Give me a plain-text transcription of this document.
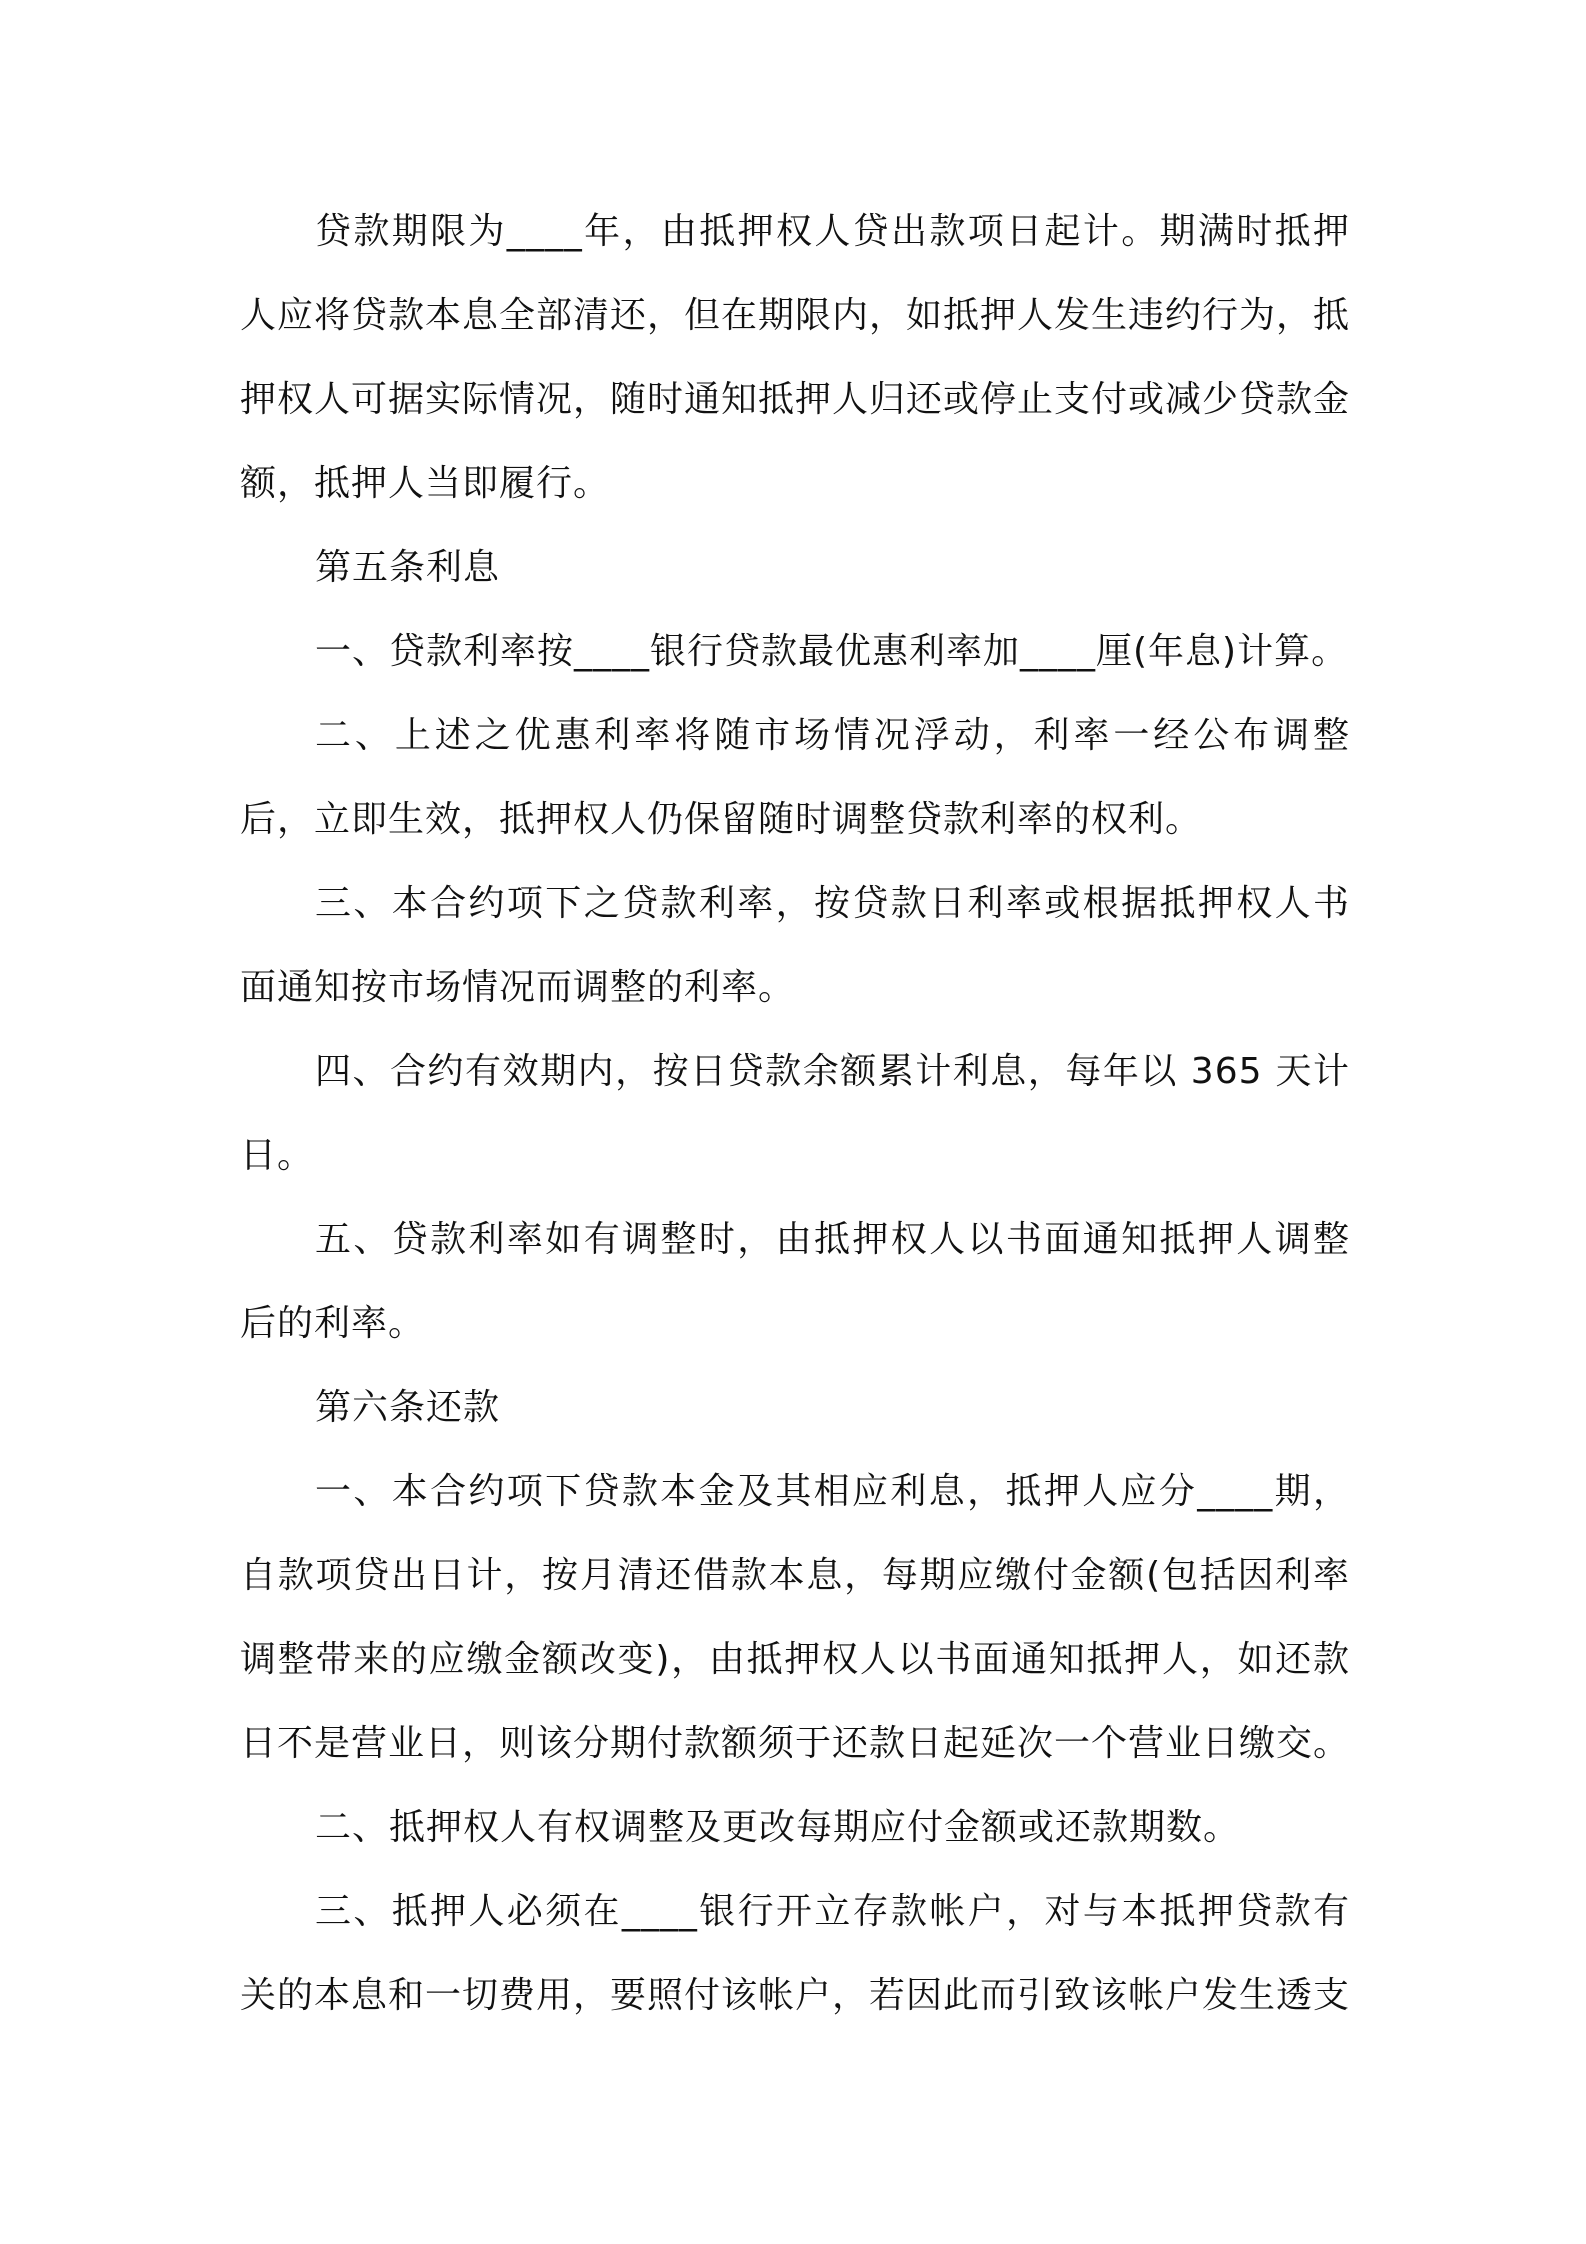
贷款期限为____年，由抵押权人贷出款项日起计。期满时抵押人应将贷款本息全部清还，但在期限内，如抵押人发生违约行为，抵押权人可据实际情况，随时通知抵押人归还或停止支付或减少贷款金额，抵押人当即履行。

第五条利息

一、贷款利率按____银行贷款最优惠利率加____厘(年息)计算。

二、上述之优惠利率将随市场情况浮动，利率一经公布调整后，立即生效，抵押权人仍保留随时调整贷款利率的权利。

三、本合约项下之贷款利率，按贷款日利率或根据抵押权人书面通知按市场情况而调整的利率。

四、合约有效期内，按日贷款余额累计利息，每年以 365 天计日。

五、贷款利率如有调整时，由抵押权人以书面通知抵押人调整后的利率。

第六条还款

一、本合约项下贷款本金及其相应利息，抵押人应分____期，自款项贷出日计，按月清还借款本息，每期应缴付金额(包括因利率调整带来的应缴金额改变)，由抵押权人以书面通知抵押人，如还款日不是营业日，则该分期付款额须于还款日起延次一个营业日缴交。

二、抵押权人有权调整及更改每期应付金额或还款期数。

三、抵押人必须在____银行开立存款帐户，对与本抵押贷款有关的本息和一切费用，要照付该帐户，若因此而引致该帐户发生透支
